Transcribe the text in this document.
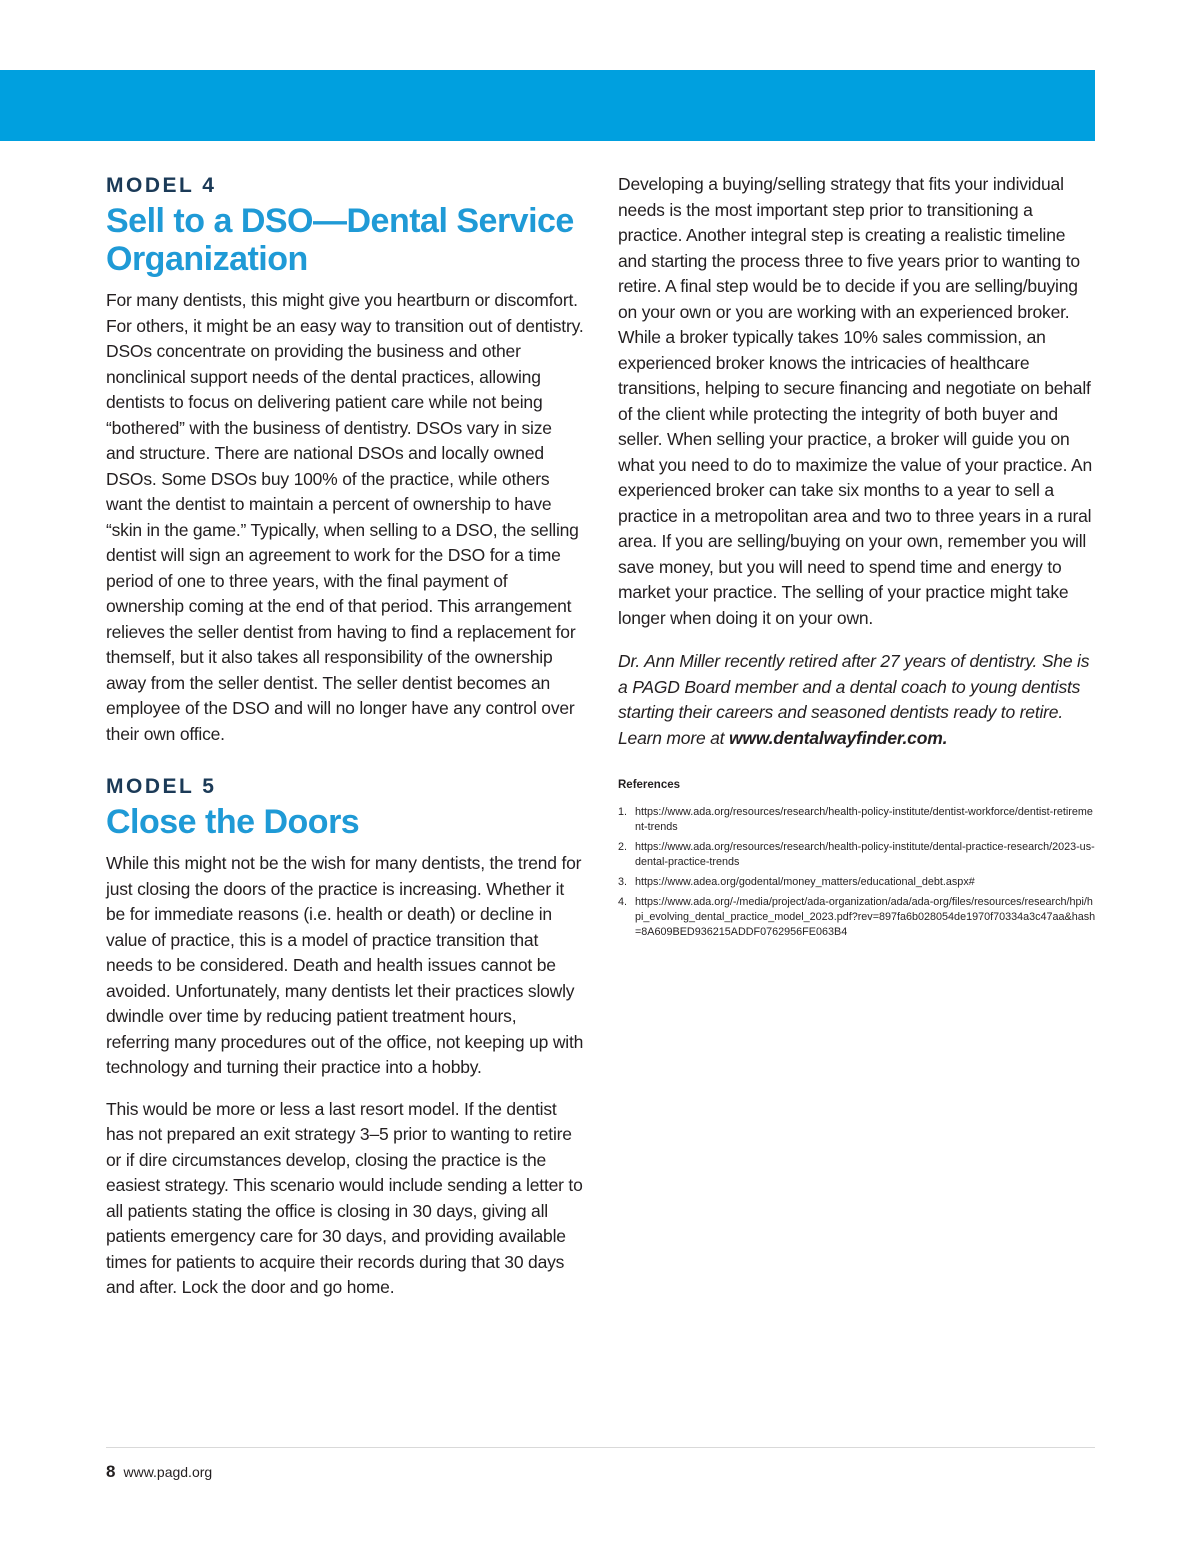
MODEL 4
Sell to a DSO—Dental Service Organization

For many dentists, this might give you heartburn or discomfort. For others, it might be an easy way to transition out of dentistry. DSOs concentrate on providing the business and other nonclinical support needs of the dental practices, allowing dentists to focus on delivering patient care while not being “bothered” with the business of dentistry. DSOs vary in size and structure. There are national DSOs and locally owned DSOs. Some DSOs buy 100% of the practice, while others want the dentist to maintain a percent of ownership to have “skin in the game.” Typically, when selling to a DSO, the selling dentist will sign an agreement to work for the DSO for a time period of one to three years, with the final payment of ownership coming at the end of that period. This arrangement relieves the seller dentist from having to find a replacement for themself, but it also takes all responsibility of the ownership away from the seller dentist. The seller dentist becomes an employee of the DSO and will no longer have any control over their own office.

MODEL 5
Close the Doors

While this might not be the wish for many dentists, the trend for just closing the doors of the practice is increasing. Whether it be for immediate reasons (i.e. health or death) or decline in value of practice, this is a model of practice transition that needs to be considered. Death and health issues cannot be avoided. Unfortunately, many dentists let their practices slowly dwindle over time by reducing patient treatment hours, referring many procedures out of the office, not keeping up with technology and turning their practice into a hobby.

This would be more or less a last resort model. If the dentist has not prepared an exit strategy 3–5 prior to wanting to retire or if dire circumstances develop, closing the practice is the easiest strategy. This scenario would include sending a letter to all patients stating the office is closing in 30 days, giving all patients emergency care for 30 days, and providing available times for patients to acquire their records during that 30 days and after. Lock the door and go home.

Developing a buying/selling strategy that fits your individual needs is the most important step prior to transitioning a practice. Another integral step is creating a realistic timeline and starting the process three to five years prior to wanting to retire. A final step would be to decide if you are selling/buying on your own or you are working with an experienced broker. While a broker typically takes 10% sales commission, an experienced broker knows the intricacies of healthcare transitions, helping to secure financing and negotiate on behalf of the client while protecting the integrity of both buyer and seller. When selling your practice, a broker will guide you on what you need to do to maximize the value of your practice. An experienced broker can take six months to a year to sell a practice in a metropolitan area and two to three years in a rural area. If you are selling/buying on your own, remember you will save money, but you will need to spend time and energy to market your practice. The selling of your practice might take longer when doing it on your own.

Dr. Ann Miller recently retired after 27 years of dentistry. She is a PAGD Board member and a dental coach to young dentists starting their careers and seasoned dentists ready to retire. Learn more at www.dentalwayfinder.com.

References
1. https://www.ada.org/resources/research/health-policy-institute/dentist-workforce/dentist-retirement-trends
2. https://www.ada.org/resources/research/health-policy-institute/dental-practice-research/2023-us-dental-practice-trends
3. https://www.adea.org/godental/money_matters/educational_debt.aspx#
4. https://www.ada.org/-/media/project/ada-organization/ada/ada-org/files/resources/research/hpi/hpi_evolving_dental_practice_model_2023.pdf?rev=897fa6b028054de1970f70334a3c47aa&hash=8A609BED936215ADDF0762956FE063B4
8 www.pagd.org
